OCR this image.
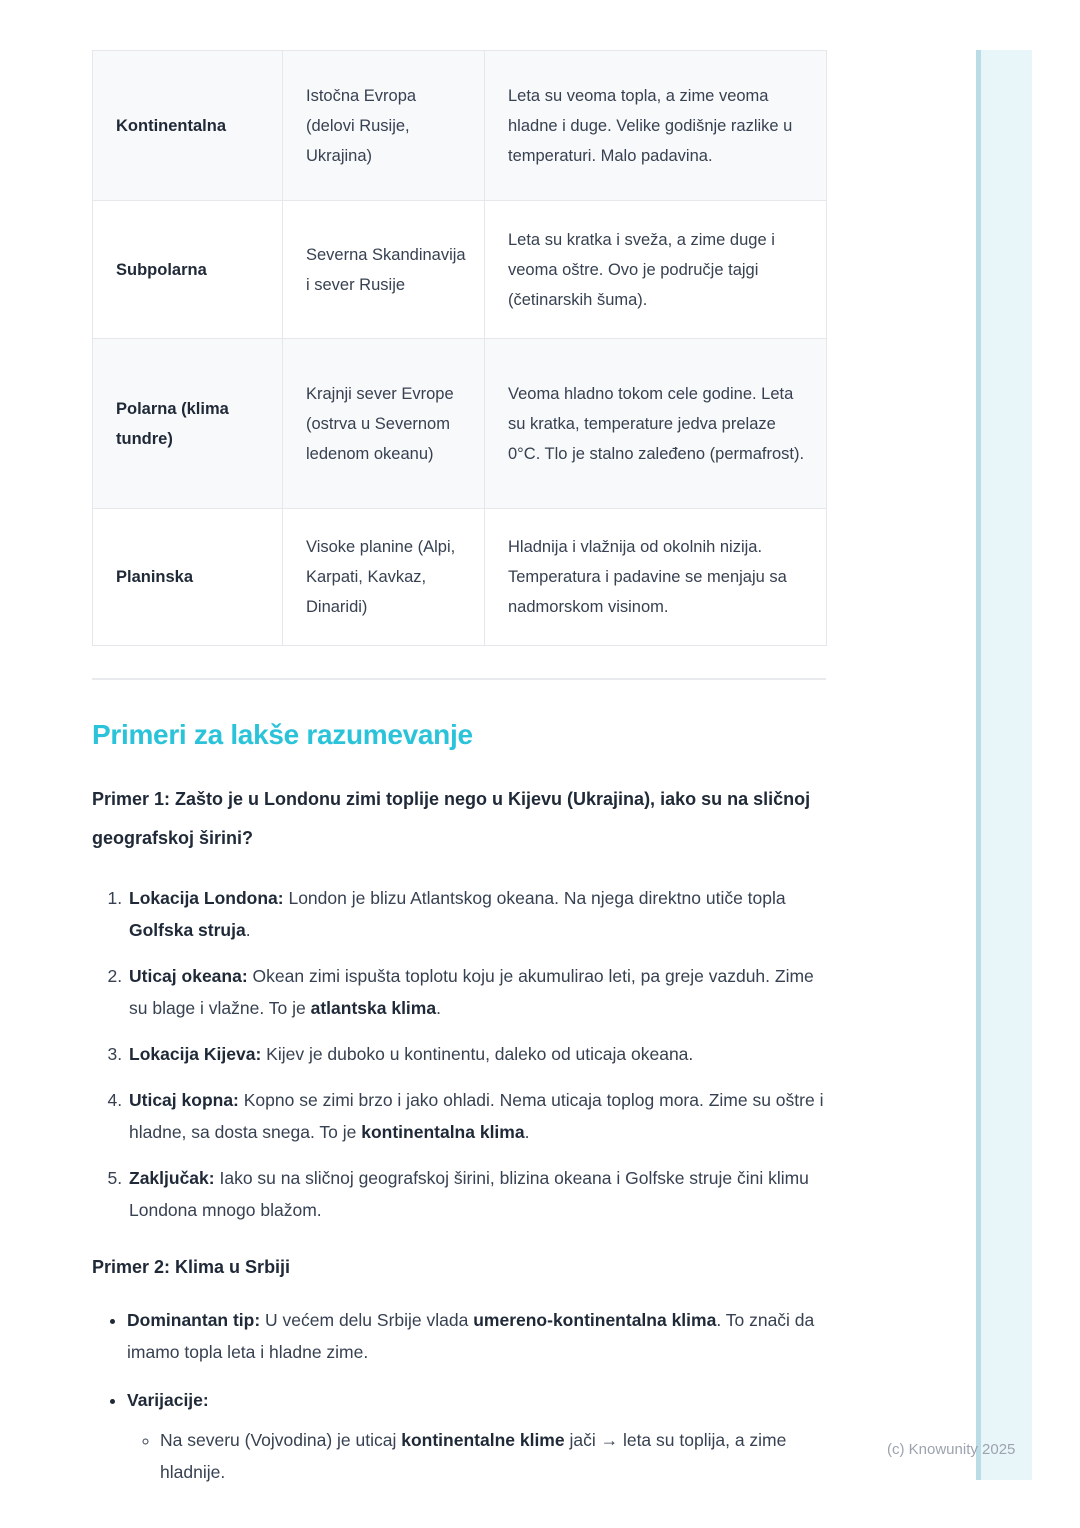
Kontinentalna	Istočna Evropa (delovi Rusije, Ukrajina)	Leta su veoma topla, a zime veoma hladne i duge. Velike godišnje razlike u temperaturi. Malo padavina.
Subpolarna	Severna Skandinavija i sever Rusije	Leta su kratka i sveža, a zime duge i veoma oštre. Ovo je područje tajgi (četinarskih šuma).
Polarna (klima tundre)	Krajnji sever Evrope (ostrva u Severnom ledenom okeanu)	Veoma hladno tokom cele godine. Leta su kratka, temperature jedva prelaze 0°C. Tlo je stalno zaleđeno (permafrost).
Planinska	Visoke planine (Alpi, Karpati, Kavkaz, Dinaridi)	Hladnija i vlažnija od okolnih nizija. Temperatura i padavine se menjaju sa nadmorskom visinom.
Primeri za lakše razumevanje

Primer 1: Zašto je u Londonu zimi toplije nego u Kijevu (Ukrajina), iako su na sličnoj geografskoj širini?

1. Lokacija Londona: London je blizu Atlantskog okeana. Na njega direktno utiče topla Golfska struja.
2. Uticaj okeana: Okean zimi ispušta toplotu koju je akumulirao leti, pa greje vazduh. Zime su blage i vlažne. To je atlantska klima.
3. Lokacija Kijeva: Kijev je duboko u kontinentu, daleko od uticaja okeana.
4. Uticaj kopna: Kopno se zimi brzo i jako ohladi. Nema uticaja toplog mora. Zime su oštre i hladne, sa dosta snega. To je kontinentalna klima.
5. Zaključak: Iako su na sličnoj geografskoj širini, blizina okeana i Golfske struje čini klimu Londona mnogo blažom.

Primer 2: Klima u Srbiji

• Dominantan tip: U većem delu Srbije vlada umereno-kontinentalna klima. To znači da imamo topla leta i hladne zime.
• Varijacije:
◦ Na severu (Vojvodina) je uticaj kontinentalne klime jači → leta su toplija, a zime hladnije.
(c) Knowunity 2025
